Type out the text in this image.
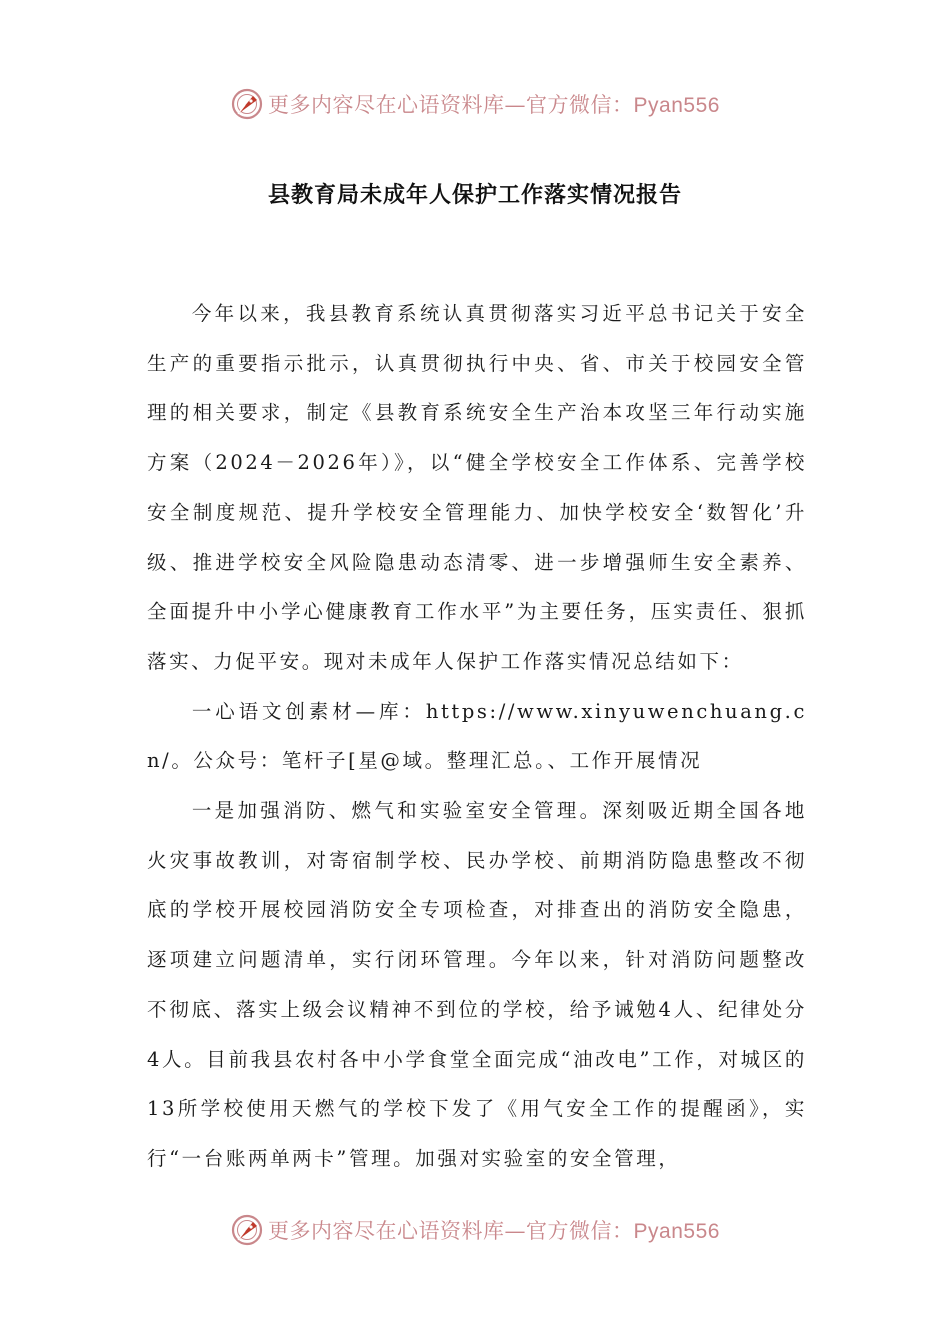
更多内容尽在心语资料库—官方微信：Pyan556
县教育局未成年人保护工作落实情况报告

今年以来，我县教育系统认真贯彻落实习近平总书记关于安全生产的重要指示批示，认真贯彻执行中央、省、市关于校园安全管理的相关要求，制定《县教育系统安全生产治本攻坚三年行动实施方案（2024－2026年）》，以“健全学校安全工作体系、完善学校安全制度规范、提升学校安全管理能力、加快学校安全‘数智化’升级、推进学校安全风险隐患动态清零、进一步增强师生安全素养、全面提升中小学心健康教育工作水平”为主要任务，压实责任、狠抓落实、力促平安。现对未成年人保护工作落实情况总结如下：

一心语文创素材—库：https://www.xinyuwenchuang.cn/。公众号：笔杆子[星@域。整理汇总。、工作开展情况

一是加强消防、燃气和实验室安全管理。深刻吸近期全国各地火灾事故教训，对寄宿制学校、民办学校、前期消防隐患整改不彻底的学校开展校园消防安全专项检查，对排查出的消防安全隐患，逐项建立问题清单，实行闭环管理。今年以来，针对消防问题整改不彻底、落实上级会议精神不到位的学校，给予诫勉4人、纪律处分4人。目前我县农村各中小学食堂全面完成“油改电”工作，对城区的13所学校使用天燃气的学校下发了《用气安全工作的提醒函》，实行“一台账两单两卡”管理。加强对实验室的安全管理，

更多内容尽在心语资料库—官方微信：Pyan556
